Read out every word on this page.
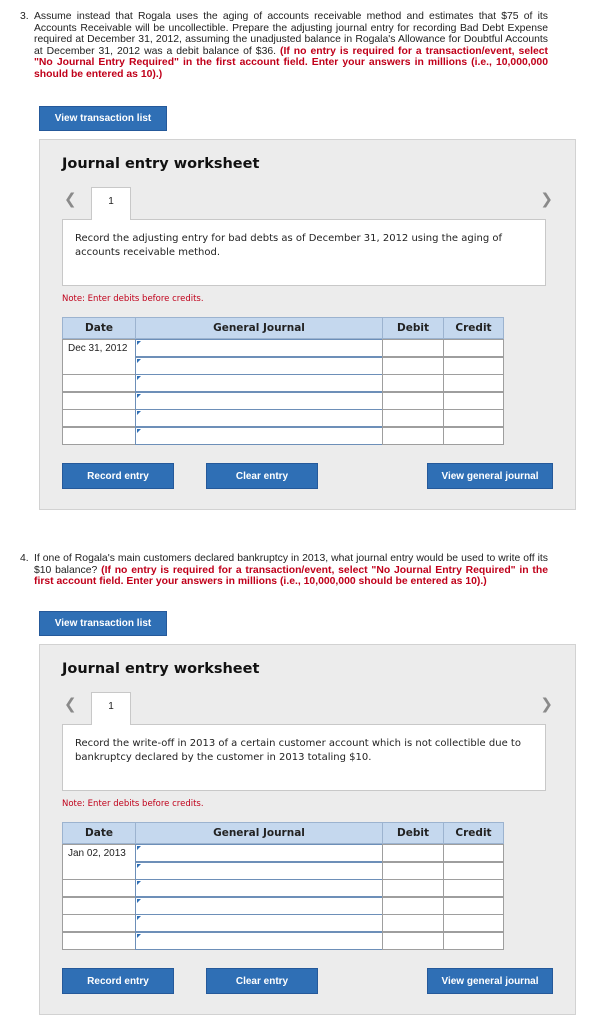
3. Assume instead that Rogala uses the aging of accounts receivable method and estimates that $75 of its Accounts Receivable will be uncollectible. Prepare the adjusting journal entry for recording Bad Debt Expense required at December 31, 2012, assuming the unadjusted balance in Rogala's Allowance for Doubtful Accounts at December 31, 2012 was a debit balance of $36. (If no entry is required for a transaction/event, select "No Journal Entry Required" in the first account field. Enter your answers in millions (i.e., 10,000,000 should be entered as 10).)
View transaction list
Journal entry worksheet
❮	❯
1
Record the adjusting entry for bad debts as of December 31, 2012 using the aging of accounts receivable method.
Note: Enter debits before credits.
Date	General Journal	Debit	Credit
Dec 31, 2012
Record entry	Clear entry	View general journal
4. If one of Rogala's main customers declared bankruptcy in 2013, what journal entry would be used to write off its $10 balance? (If no entry is required for a transaction/event, select "No Journal Entry Required" in the first account field. Enter your answers in millions (i.e., 10,000,000 should be entered as 10).)
View transaction list
Journal entry worksheet
❮	❯
1
Record the write-off in 2013 of a certain customer account which is not collectible due to bankruptcy declared by the customer in 2013 totaling $10.
Note: Enter debits before credits.
Date	General Journal	Debit	Credit
Jan 02, 2013
Record entry	Clear entry	View general journal
